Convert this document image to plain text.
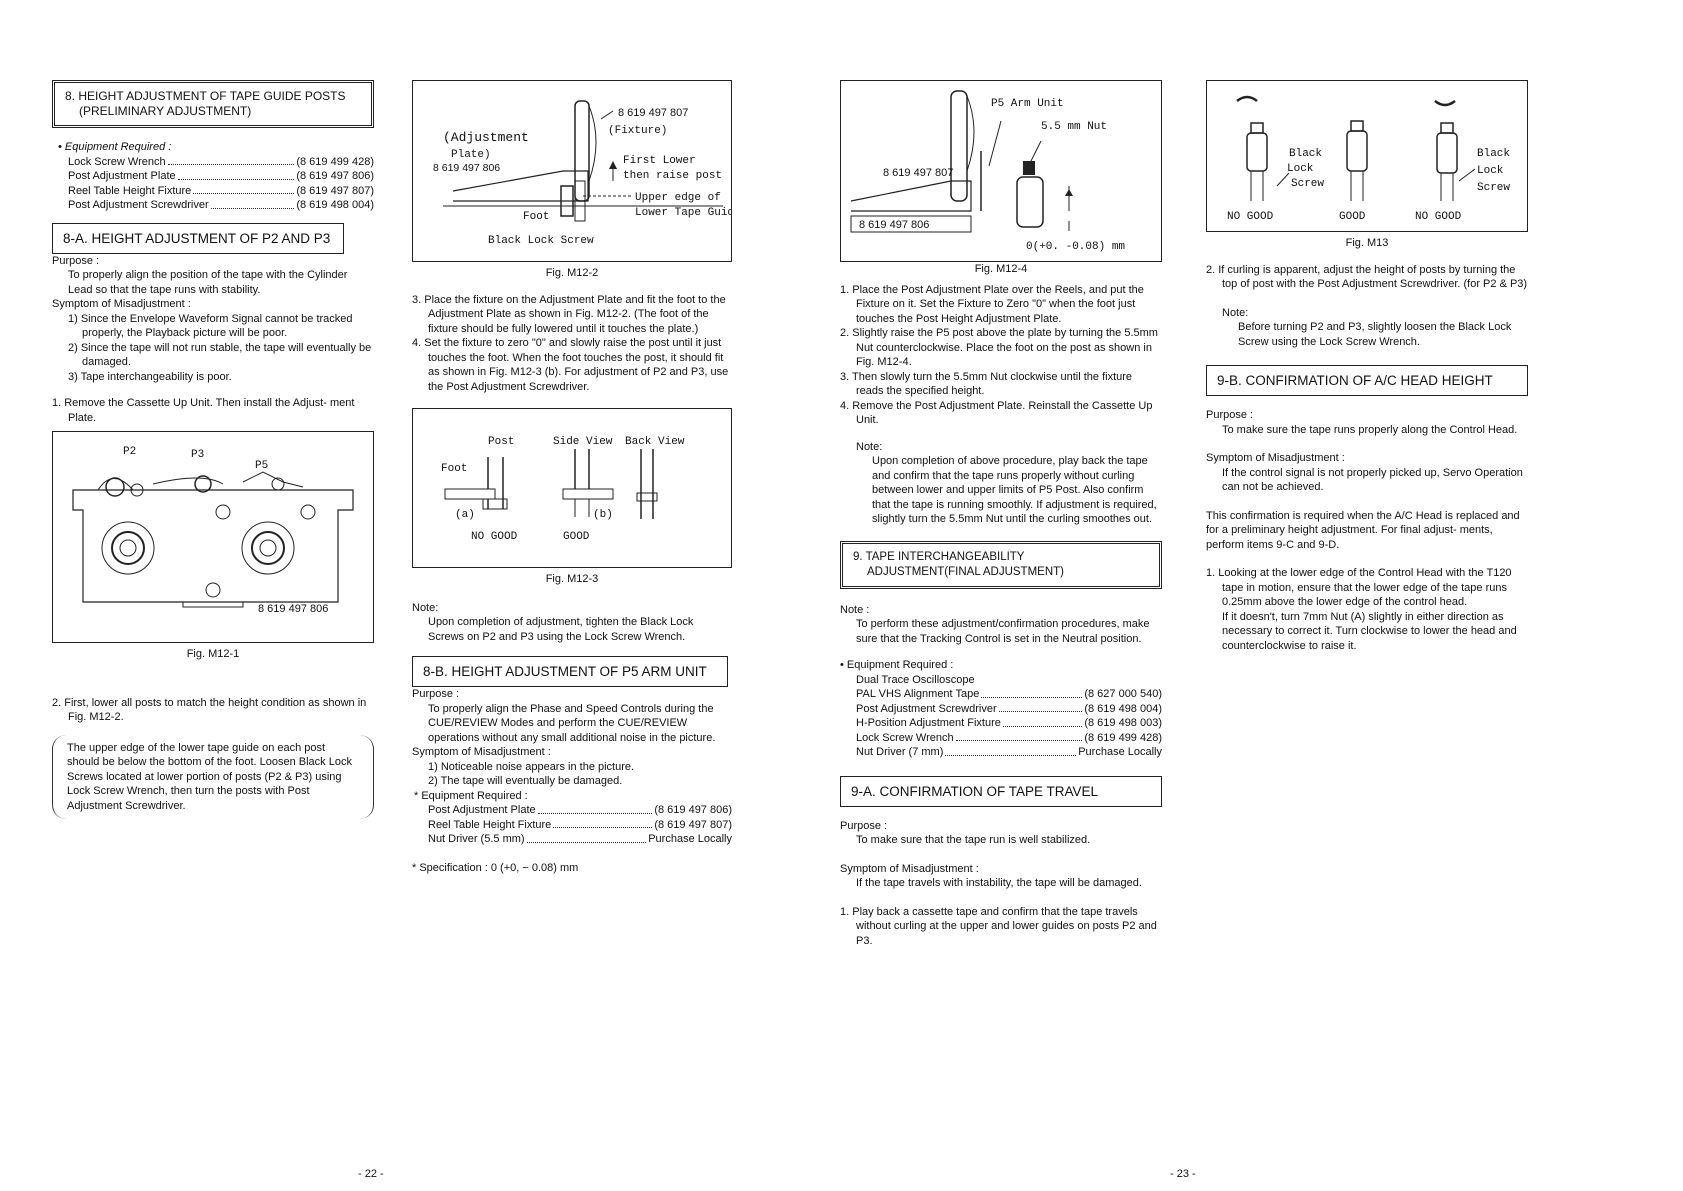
8. HEIGHT ADJUSTMENT OF TAPE GUIDE POSTS

(PRELIMINARY ADJUSTMENT)

• Equipment Required :

Lock Screw Wrench	(8 619 499 428)
Post Adjustment Plate	(8 619 497 806)
Reel Table Height Fixture	(8 619 497 807)
Post Adjustment Screwdriver	(8 619 498 004)
8-A. HEIGHT ADJUSTMENT OF P2 AND P3

Purpose :

To properly align the position of the tape with the Cylinder Lead so that the tape runs with stability.

Symptom of Misadjustment :

1) Since the Envelope Waveform Signal cannot be tracked properly, the Playback picture will be poor.

2) Since the tape will not run stable, the tape will eventually be damaged.

3) Tape interchangeability is poor.

1. Remove the Cassette Up Unit. Then install the Adjust- ment Plate.

P2	P3
P5
8 619 497 806
Fig. M12-1

2. First, lower all posts to match the height condition as shown in Fig. M12-2.

The upper edge of the lower tape guide on each post should be below the bottom of the foot. Loosen Black Lock Screws located at lower portion of posts (P2 & P3) using Lock Screw Wrench, then turn the posts with Post Adjustment Screwdriver.

8 619 497 807
(Fixture)
(Adjustment
Plate)
8 619 497 806
First Lower
then raise post
Upper edge of
Lower Tape Guide
Foot
Black Lock Screw
Fig. M12-2

3. Place the fixture on the Adjustment Plate and fit the foot to the Adjustment Plate as shown in Fig. M12-2. (The foot of the fixture should be fully lowered until it touches the plate.)

4. Set the fixture to zero "0" and slowly raise the post until it just touches the foot. When the foot touches the post, it should fit as shown in Fig. M12-3 (b). For adjustment of P2 and P3, use the Post Adjustment Screwdriver.

Post	Side View Back View
Foot
(a)	(b)
NO GOOD	GOOD
Fig. M12-3

Note:

Upon completion of adjustment, tighten the Black Lock Screws on P2 and P3 using the Lock Screw Wrench.

8-B. HEIGHT ADJUSTMENT OF P5 ARM UNIT

Purpose :

To properly align the Phase and Speed Controls during the CUE/REVIEW Modes and perform the CUE/REVIEW operations without any small additional noise in the picture.

Symptom of Misadjustment :

1) Noticeable noise appears in the picture.

2) The tape will eventually be damaged.

* Equipment Required :

Post Adjustment Plate	(8 619 497 806)
Reel Table Height Fixture	(8 619 497 807)
Nut Driver (5.5 mm)	Purchase Locally

* Specification : 0 (+0, − 0.08) mm

- 22 -
P5 Arm Unit
5.5 mm Nut
8 619 497 807
8 619 497 806
0(+0. -0.08) mm
Fig. M12-4

1. Place the Post Adjustment Plate over the Reels, and put the Fixture on it. Set the Fixture to Zero "0" when the foot just touches the Post Height Adjustment Plate.

2. Slightly raise the P5 post above the plate by turning the 5.5mm Nut counterclockwise. Place the foot on the post as shown in Fig. M12-4.

3. Then slowly turn the 5.5mm Nut clockwise until the fixture reads the specified height.

4. Remove the Post Adjustment Plate. Reinstall the Cassette Up Unit.

Note:

Upon completion of above procedure, play back the tape and confirm that the tape runs properly without curling between lower and upper limits of P5 Post. Also confirm that the tape is running smoothly. If adjustment is required, slightly turn the 5.5mm Nut until the curling smoothes out.

9. TAPE INTERCHANGEABILITY

ADJUSTMENT(FINAL ADJUSTMENT)

Note :

To perform these adjustment/confirmation procedures, make sure that the Tracking Control is set in the Neutral position.

• Equipment Required :

Dual Trace Oscilloscope
PAL VHS Alignment Tape	(8 627 000 540)
Post Adjustment Screwdriver	(8 619 498 004)
H-Position Adjustment Fixture	(8 619 498 003)
Lock Screw Wrench	(8 619 499 428)
Nut Driver (7 mm)	Purchase Locally
9-A. CONFIRMATION OF TAPE TRAVEL

Purpose :

To make sure that the tape run is well stabilized.

Symptom of Misadjustment :

If the tape travels with instability, the tape will be damaged.

1. Play back a cassette tape and confirm that the tape travels without curling at the upper and lower guides on posts P2 and P3.

Black
Lock
Screw
Black
Lock
Screw
NO GOOD	GOOD	NO GOOD
Fig. M13

2. If curling is apparent, adjust the height of posts by turning the top of post with the Post Adjustment Screwdriver. (for P2 & P3)

Note:

Before turning P2 and P3, slightly loosen the Black Lock Screw using the Lock Screw Wrench.

9-B. CONFIRMATION OF A/C HEAD HEIGHT

Purpose :

To make sure the tape runs properly along the Control Head.

Symptom of Misadjustment :

If the control signal is not properly picked up, Servo Operation can not be achieved.

This confirmation is required when the A/C Head is replaced and for a preliminary height adjustment. For final adjust- ments, perform items 9-C and 9-D.

1. Looking at the lower edge of the Control Head with the T120 tape in motion, ensure that the lower edge of the tape runs 0.25mm above the lower edge of the control head.

If it doesn't, turn 7mm Nut (A) slightly in either direction as necessary to correct it. Turn clockwise to lower the head and counterclockwise to raise it.

- 23 -
